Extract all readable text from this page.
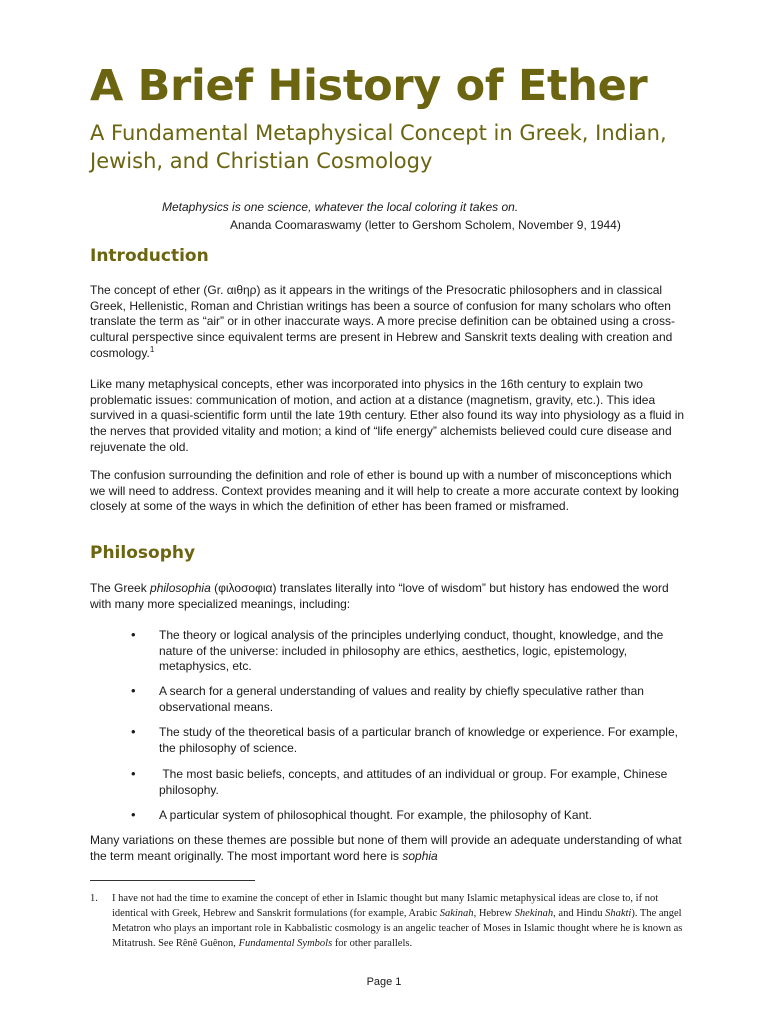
A Brief History of Ether
A Fundamental Metaphysical Concept in Greek, Indian, Jewish, and Christian Cosmology

Metaphysics is one science, whatever the local coloring it takes on.

Ananda Coomaraswamy (letter to Gershom Scholem, November 9, 1944)

Introduction

The concept of ether (Gr. αιθηρ) as it appears in the writings of the Presocratic philosophers and in classical Greek, Hellenistic, Roman and Christian writings has been a source of confusion for many scholars who often translate the term as “air” or in other inaccurate ways. A more precise definition can be obtained using a cross-cultural perspective since equivalent terms are present in Hebrew and Sanskrit texts dealing with creation and cosmology.$^1$

Like many metaphysical concepts, ether was incorporated into physics in the 16th century to explain two problematic issues: communication of motion, and action at a distance (magnetism, gravity, etc.). This idea survived in a quasi-scientific form until the late 19th century. Ether also found its way into physiology as a fluid in the nerves that provided vitality and motion; a kind of “life energy” alchemists believed could cure disease and rejuvenate the old.

The confusion surrounding the definition and role of ether is bound up with a number of misconceptions which we will need to address. Context provides meaning and it will help to create a more accurate context by looking closely at some of the ways in which the definition of ether has been framed or misframed.

Philosophy

The Greek philosophia (φιλοσοφια) translates literally into “love of wisdom” but history has endowed the word with many more specialized meanings, including:

• The theory or logical analysis of the principles underlying conduct, thought, knowledge, and the nature of the universe: included in philosophy are ethics, aesthetics, logic, epistemology, metaphysics, etc.
• A search for a general understanding of values and reality by chiefly speculative rather than observational means.
• The study of the theoretical basis of a particular branch of knowledge or experience. For example, the philosophy of science.
• The most basic beliefs, concepts, and attitudes of an individual or group. For example, Chinese philosophy.
• A particular system of philosophical thought. For example, the philosophy of Kant.

Many variations on these themes are possible but none of them will provide an adequate understanding of what the term meant originally. The most important word here is sophia

1. I have not had the time to examine the concept of ether in Islamic thought but many Islamic metaphysical ideas are close to, if not identical with Greek, Hebrew and Sanskrit formulations (for example, Arabic Sakinah, Hebrew Shekinah, and Hindu Shakti). The angel Metatron who plays an important role in Kabbalistic cosmology is an angelic teacher of Moses in Islamic thought where he is known as Mitatrush. See Rênê Guênon, Fundamental Symbols for other parallels.
Page 1
